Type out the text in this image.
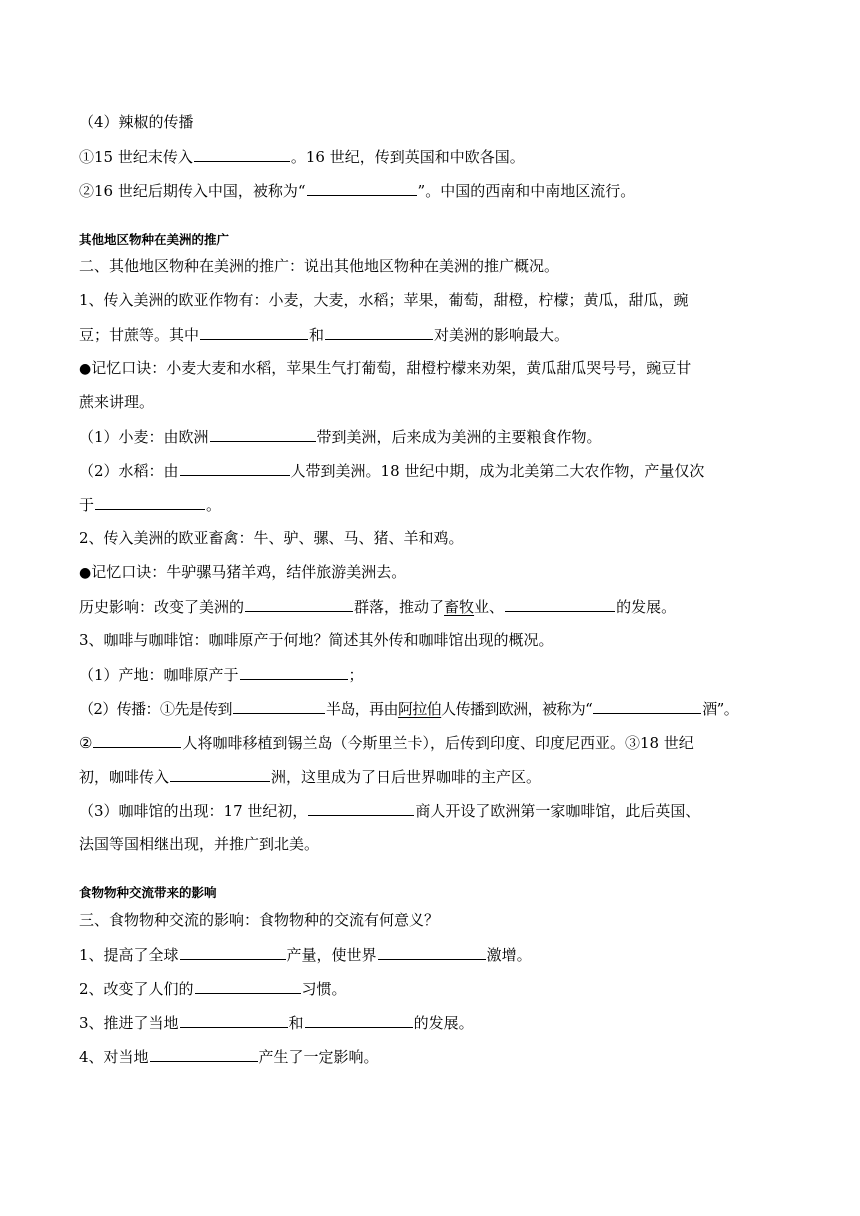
（4）辣椒的传播
①15 世纪末传入	。16 世纪，传到英国和中欧各国。
②16 世纪后期传入中国，被称为“	”。中国的西南和中南地区流行。
其他地区物种在美洲的推广
二、其他地区物种在美洲的推广：说出其他地区物种在美洲的推广概况。
1、传入美洲的欧亚作物有：小麦，大麦，水稻；苹果，葡萄，甜橙，柠檬；黄瓜，甜瓜，豌
豆；甘蔗等。其中	和	对美洲的影响最大。
●记忆口诀：小麦大麦和水稻，苹果生气打葡萄，甜橙柠檬来劝架，黄瓜甜瓜哭号号，豌豆甘
蔗来讲理。
（1）小麦：由欧洲	带到美洲，后来成为美洲的主要粮食作物。
（2）水稻：由	人带到美洲。18 世纪中期，成为北美第二大农作物，产量仅次
于	。
2、传入美洲的欧亚畜禽：牛、驴、骡、马、猪、羊和鸡。
●记忆口诀：牛驴骡马猪羊鸡，结伴旅游美洲去。
历史影响：改变了美洲的	群落，推动了畜牧业、	的发展。
3、咖啡与咖啡馆：咖啡原产于何地？简述其外传和咖啡馆出现的概况。
（1）产地：咖啡原产于	；
（2）传播：①先是传到	半岛，再由阿拉伯人传播到欧洲，被称为“	酒”。
②	人将咖啡移植到锡兰岛（今斯里兰卡），后传到印度、印度尼西亚。③18 世纪
初，咖啡传入	洲，这里成为了日后世界咖啡的主产区。
（3）咖啡馆的出现：17 世纪初，	商人开设了欧洲第一家咖啡馆，此后英国、
法国等国相继出现，并推广到北美。
食物物种交流带来的影响
三、食物物种交流的影响：食物物种的交流有何意义？
1、提高了全球	产量，使世界	激增。
2、改变了人们的	习惯。
3、推进了当地	和	的发展。
4、对当地	产生了一定影响。
